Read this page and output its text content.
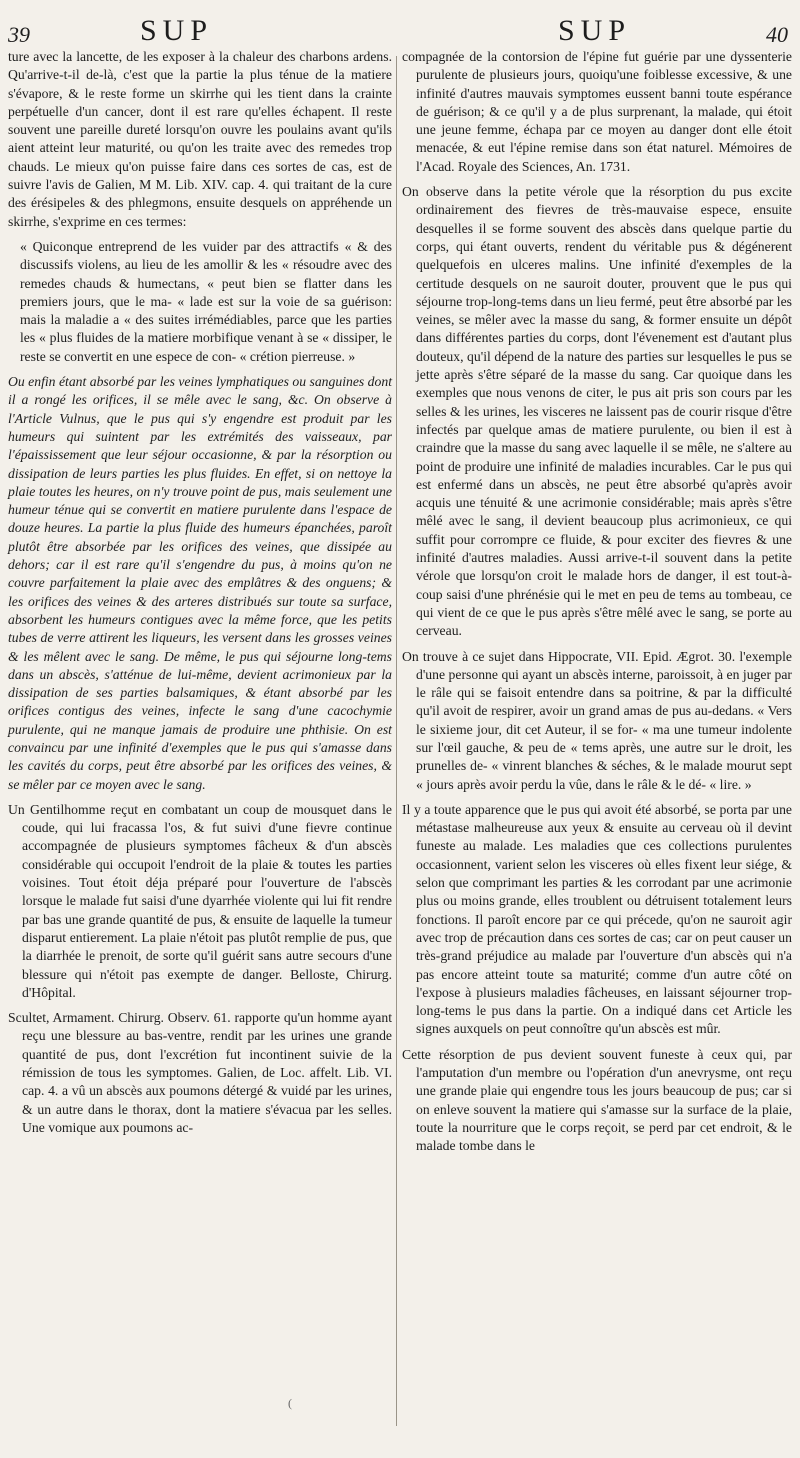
39	SUP	SUP	40

ture avec la lancette, de les exposer à la chaleur des charbons ardens. Qu'arrive-t-il de-là, c'est que la partie la plus ténue de la matiere s'évapore, & le reste forme un skirrhe qui les tient dans la crainte perpétuelle d'un cancer, dont il est rare qu'elles échapent. Il reste souvent une pareille dureté lorsqu'on ouvre les poulains avant qu'ils aient atteint leur maturité, ou qu'on les traite avec des remedes trop chauds. Le mieux qu'on puisse faire dans ces sortes de cas, est de suivre l'avis de Galien, M M. Lib. XIV. cap. 4. qui traitant de la cure des érésipeles & des phlegmons, ensuite desquels on appréhende un skirrhe, s'exprime en ces termes:

« Quiconque entreprend de les vuider par des attractifs « & des discussifs violens, au lieu de les amollir & les « résoudre avec des remedes chauds & humectans, « peut bien se flatter dans les premiers jours, que le ma- « lade est sur la voie de sa guérison: mais la maladie a « des suites irrémédiables, parce que les parties les « plus fluides de la matiere morbifique venant à se « dissiper, le reste se convertit en une espece de con- « crétion pierreuse. »

Ou enfin étant absorbé par les veines lymphatiques ou sanguines dont il a rongé les orifices, il se mêle avec le sang, &c. On observe à l'Article Vulnus, que le pus qui s'y engendre est produit par les humeurs qui suintent par les extrémités des vaisseaux, par l'épaississement que leur séjour occasionne, & par la résorption ou dissipation de leurs parties les plus fluides. En effet, si on nettoye la plaie toutes les heures, on n'y trouve point de pus, mais seulement une humeur ténue qui se convertit en matiere purulente dans l'espace de douze heures. La partie la plus fluide des humeurs épanchées, paroît plutôt être absorbée par les orifices des veines, que dissipée au dehors; car il est rare qu'il s'engendre du pus, à moins qu'on ne couvre parfaitement la plaie avec des emplâtres & des onguens; & les orifices des veines & des arteres distribués sur toute sa surface, absorbent les humeurs contigues avec la même force, que les petits tubes de verre attirent les liqueurs, les versent dans les grosses veines & les mêlent avec le sang. De même, le pus qui séjourne long-tems dans un abscès, s'atténue de lui-même, devient acrimonieux par la dissipation de ses parties balsamiques, & étant absorbé par les orifices contigus des veines, infecte le sang d'une cacochymie purulente, qui ne manque jamais de produire une phthisie. On est convaincu par une infinité d'exemples que le pus qui s'amasse dans les cavités du corps, peut être absorbé par les orifices des veines, & se mêler par ce moyen avec le sang.

Un Gentilhomme reçut en combatant un coup de mousquet dans le coude, qui lui fracassa l'os, & fut suivi d'une fievre continue accompagnée de plusieurs symptomes fâcheux & d'un abscès considérable qui occupoit l'endroit de la plaie & toutes les parties voisines. Tout étoit déja préparé pour l'ouverture de l'abscès lorsque le malade fut saisi d'une dyarrhée violente qui lui fit rendre par bas une grande quantité de pus, & ensuite de laquelle la tumeur disparut entierement. La plaie n'étoit pas plutôt remplie de pus, que la diarrhée le prenoit, de sorte qu'il guérit sans autre secours d'une blessure qui n'étoit pas exempte de danger. Belloste, Chirurg. d'Hôpital.

Scultet, Armament. Chirurg. Observ. 61. rapporte qu'un homme ayant reçu une blessure au bas-ventre, rendit par les urines une grande quantité de pus, dont l'excrétion fut incontinent suivie de la rémission de tous les symptomes. Galien, de Loc. affelt. Lib. VI. cap. 4. a vû un abscès aux poumons détergé & vuidé par les urines, & un autre dans le thorax, dont la matiere s'évacua par les selles. Une vomique aux poumons ac-

compagnée de la contorsion de l'épine fut guérie par une dyssenterie purulente de plusieurs jours, quoiqu'une foiblesse excessive, & une infinité d'autres mauvais symptomes eussent banni toute espérance de guérison; & ce qu'il y a de plus surprenant, la malade, qui étoit une jeune femme, échapa par ce moyen au danger dont elle étoit menacée, & eut l'épine remise dans son état naturel. Mémoires de l'Acad. Royale des Sciences, An. 1731.

On observe dans la petite vérole que la résorption du pus excite ordinairement des fievres de très-mauvaise espece, ensuite desquelles il se forme souvent des abscès dans quelque partie du corps, qui étant ouverts, rendent du véritable pus & dégénerent quelquefois en ulceres malins. Une infinité d'exemples de la certitude desquels on ne sauroit douter, prouvent que le pus qui séjourne trop-long-tems dans un lieu fermé, peut être absorbé par les veines, se mêler avec la masse du sang, & former ensuite un dépôt dans différentes parties du corps, dont l'évenement est d'autant plus douteux, qu'il dépend de la nature des parties sur lesquelles le pus se jette après s'être séparé de la masse du sang. Car quoique dans les exemples que nous venons de citer, le pus ait pris son cours par les selles & les urines, les visceres ne laissent pas de courir risque d'être infectés par quelque amas de matiere purulente, ou bien il est à craindre que la masse du sang avec laquelle il se mêle, ne s'altere au point de produire une infinité de maladies incurables. Car le pus qui est enfermé dans un abscès, ne peut être absorbé qu'après avoir acquis une ténuité & une acrimonie considérable; mais après s'être mêlé avec le sang, il devient beaucoup plus acrimonieux, ce qui suffit pour corrompre ce fluide, & pour exciter des fievres & une infinité d'autres maladies. Aussi arrive-t-il souvent dans la petite vérole que lorsqu'on croit le malade hors de danger, il est tout-à-coup saisi d'une phrénésie qui le met en peu de tems au tombeau, ce qui vient de ce que le pus après s'être mêlé avec le sang, se porte au cerveau.

On trouve à ce sujet dans Hippocrate, VII. Epid. Ægrot. 30. l'exemple d'une personne qui ayant un abscès interne, paroissoit, à en juger par le râle qui se faisoit entendre dans sa poitrine, & par la difficulté qu'il avoit de respirer, avoir un grand amas de pus au-dedans. « Vers le sixieme jour, dit cet Auteur, il se for- « ma une tumeur indolente sur l'œil gauche, & peu de « tems après, une autre sur le droit, les prunelles de- « vinrent blanches & séches, & le malade mourut sept « jours après avoir perdu la vûe, dans le râle & le dé- « lire. »

Il y a toute apparence que le pus qui avoit été absorbé, se porta par une métastase malheureuse aux yeux & ensuite au cerveau où il devint funeste au malade. Les maladies que ces collections purulentes occasionnent, varient selon les visceres où elles fixent leur siége, & selon que comprimant les parties & les corrodant par une acrimonie plus ou moins grande, elles troublent ou détruisent totalement leurs fonctions. Il paroît encore par ce qui précede, qu'on ne sauroit agir avec trop de précaution dans ces sortes de cas; car on peut causer un très-grand préjudice au malade par l'ouverture d'un abscès qui n'a pas encore atteint toute sa maturité; comme d'un autre côté on l'expose à plusieurs maladies fâcheuses, en laissant séjourner trop-long-tems le pus dans la partie. On a indiqué dans cet Article les signes auxquels on peut connoître qu'un abscès est mûr.

Cette résorption de pus devient souvent funeste à ceux qui, par l'amputation d'un membre ou l'opération d'un anevrysme, ont reçu une grande plaie qui engendre tous les jours beaucoup de pus; car si on enleve souvent la matiere qui s'amasse sur la surface de la plaie, toute la nourriture que le corps reçoit, se perd par cet endroit, & le malade tombe dans le

(
